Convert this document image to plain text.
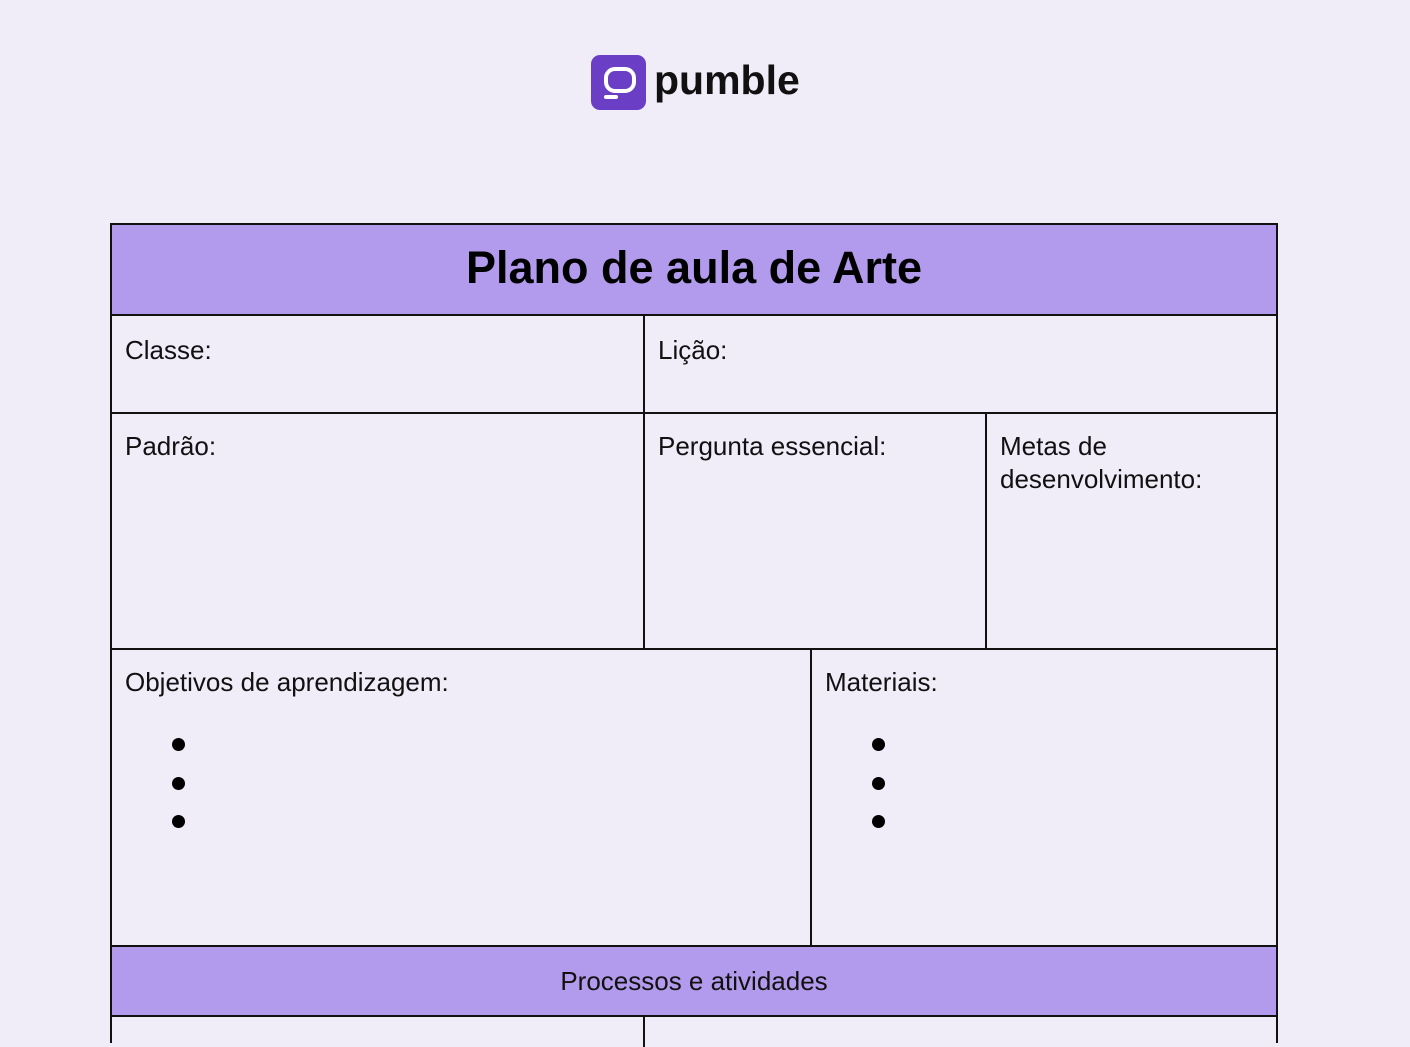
pumble
Plano de aula de Arte
Classe:	Lição:
Padrão:	Pergunta essencial:	Metas de
desenvolvimento:
Objetivos de aprendizagem:	Materiais:
Processos e atividades
